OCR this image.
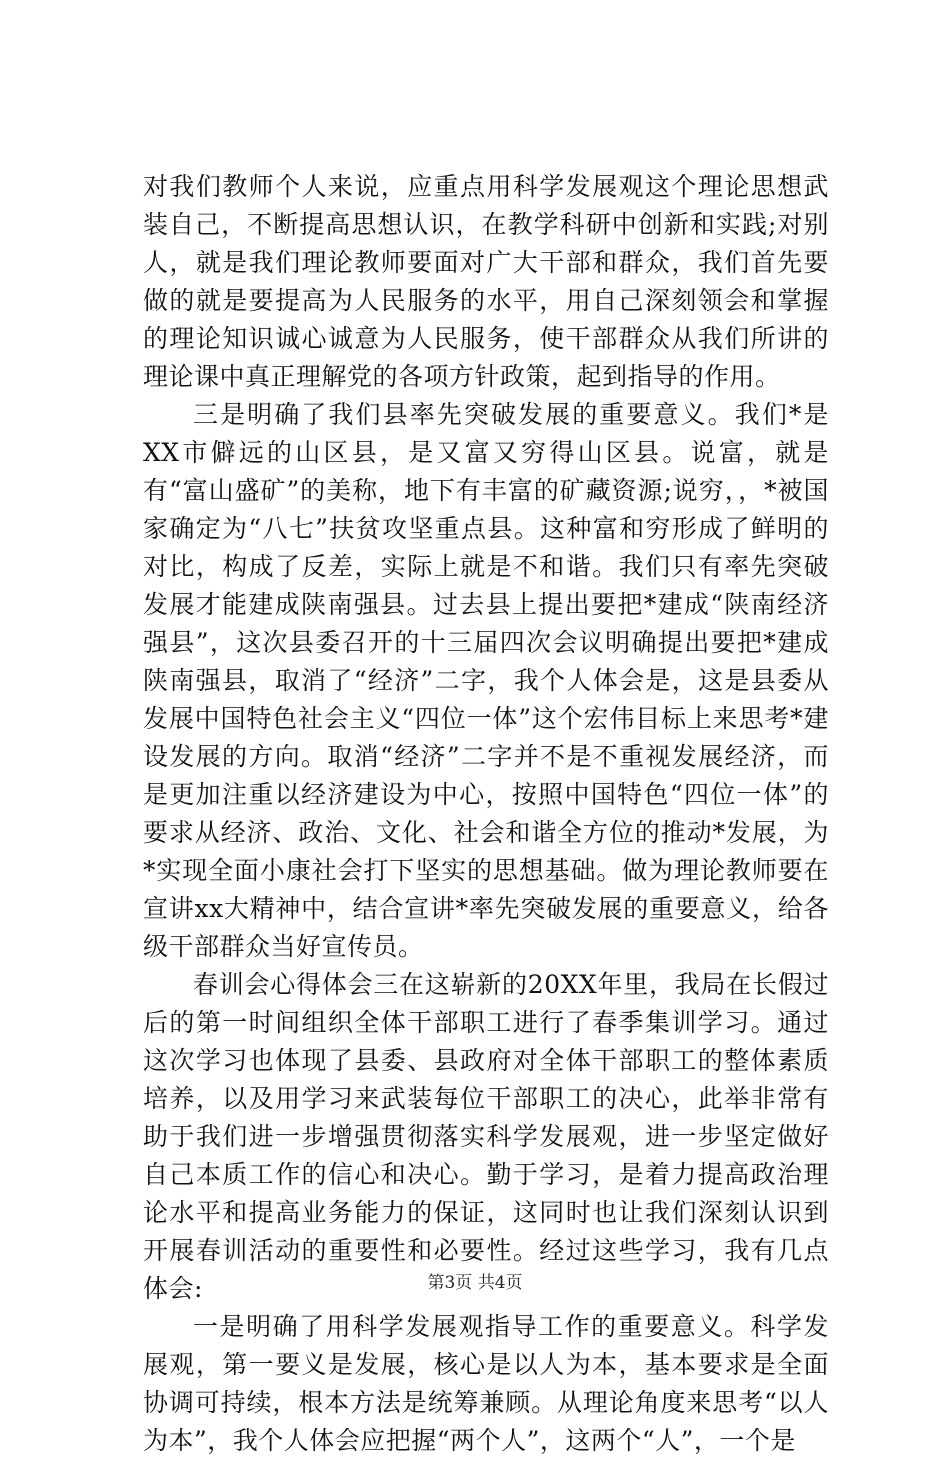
对我们教师个人来说，应重点用科学发展观这个理论思想武装自己，不断提高思想认识，在教学科研中创新和实践;对别人，就是我们理论教师要面对广大干部和群众，我们首先要做的就是要提高为人民服务的水平，用自己深刻领会和掌握的理论知识诚心诚意为人民服务，使干部群众从我们所讲的理论课中真正理解党的各项方针政策，起到指导的作用。

三是明确了我们县率先突破发展的重要意义。我们*是XX市僻远的山区县，是又富又穷得山区县。说富，就是有“富山盛矿”的美称，地下有丰富的矿藏资源;说穷，，*被国家确定为“八七”扶贫攻坚重点县。这种富和穷形成了鲜明的对比，构成了反差，实际上就是不和谐。我们只有率先突破发展才能建成陕南强县。过去县上提出要把*建成“陕南经济强县”，这次县委召开的十三届四次会议明确提出要把*建成陕南强县，取消了“经济”二字，我个人体会是，这是县委从发展中国特色社会主义“四位一体”这个宏伟目标上来思考*建设发展的方向。取消“经济”二字并不是不重视发展经济，而是更加注重以经济建设为中心，按照中国特色“四位一体”的要求从经济、政治、文化、社会和谐全方位的推动*发展，为*实现全面小康社会打下坚实的思想基础。做为理论教师要在宣讲xx大精神中，结合宣讲*率先突破发展的重要意义，给各级干部群众当好宣传员。

春训会心得体会三在这崭新的20XX年里，我局在长假过后的第一时间组织全体干部职工进行了春季集训学习。通过这次学习也体现了县委、县政府对全体干部职工的整体素质培养，以及用学习来武装每位干部职工的决心，此举非常有助于我们进一步增强贯彻落实科学发展观，进一步坚定做好自己本质工作的信心和决心。勤于学习，是着力提高政治理论水平和提高业务能力的保证，这同时也让我们深刻认识到开展春训活动的重要性和必要性。经过这些学习，我有几点体会:

一是明确了用科学发展观指导工作的重要意义。科学发展观，第一要义是发展，核心是以人为本，基本要求是全面协调可持续，根本方法是统筹兼顾。从理论角度来思考“以人为本”，我个人体会应把握“两个人”，这两个“人”，一个是

第3页 共4页
